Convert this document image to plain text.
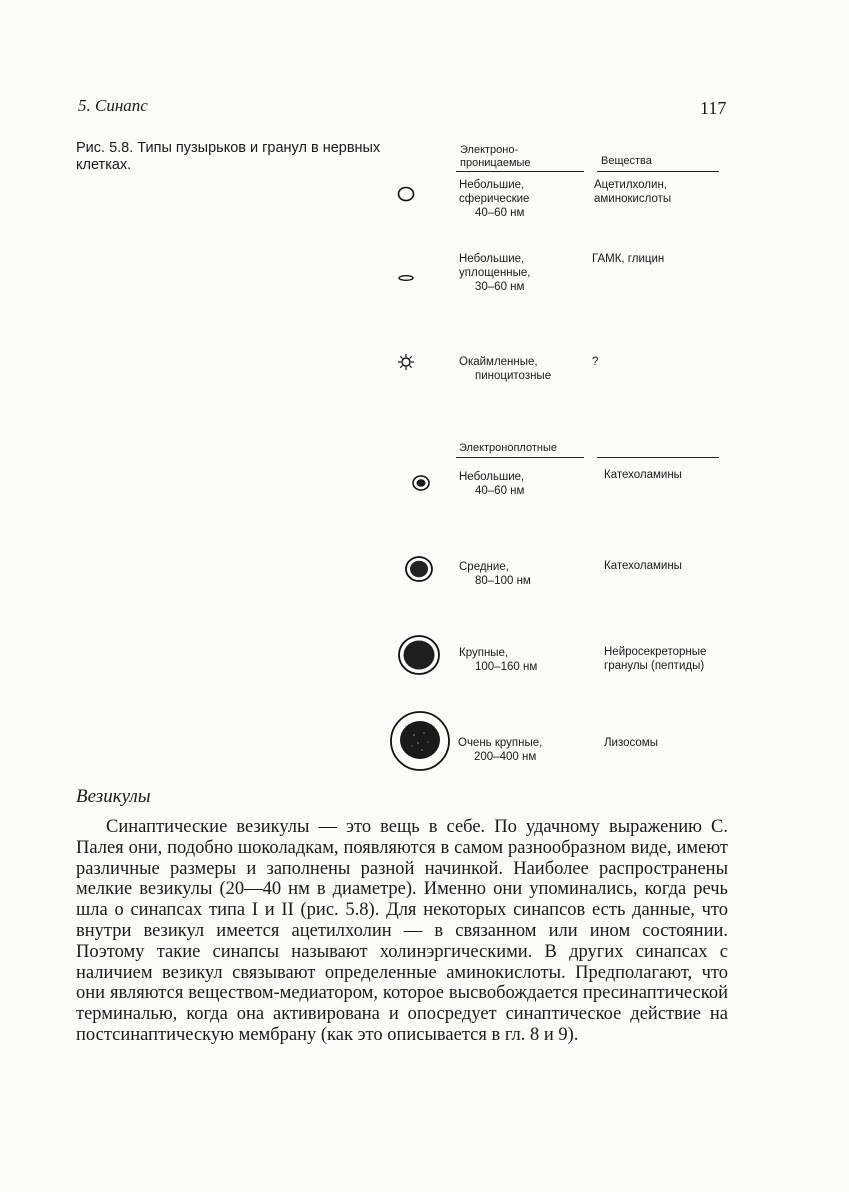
5. Синапс	117
Рис. 5.8. Типы пузырьков и гранул в нервных клетках.
Электроно-
проницаемые	Вещества
Небольшие,
сферические
40–60 нм
Ацетилхолин,
аминокислоты
Небольшие,
уплощенные,
30–60 нм
ГАМК, глицин
Окаймленные,
пиноцитозные
?
Электроноплотные
Небольшие,
40–60 нм
Катехоламины
Средние,
80–100 нм
Катехоламины
Крупные,
100–160 нм
Нейросекреторные
гранулы (пептиды)
Очень крупные,
200–400 нм
Лизосомы
Везикулы

Синаптические везикулы — это вещь в себе. По удачному выражению С. Палея они, подобно шоколадкам, появляются в самом разнообразном виде, имеют различные размеры и заполнены разной начинкой. Наиболее распространены мелкие везикулы (20—40 нм в диаметре). Именно они упоминались, когда речь шла о синапсах типа I и II (рис. 5.8). Для некоторых синапсов есть данные, что внутри везикул имеется ацетилхолин — в связанном или ином состоянии. Поэтому такие синапсы называют холинэргическими. В других синапсах с наличием везикул связывают определенные аминокислоты. Предполагают, что они являются веществом-медиатором, которое высвобождается пресинаптической терминалью, когда она активирована и опосредует синаптическое действие на постсинаптическую мембрану (как это описывается в гл. 8 и 9).
